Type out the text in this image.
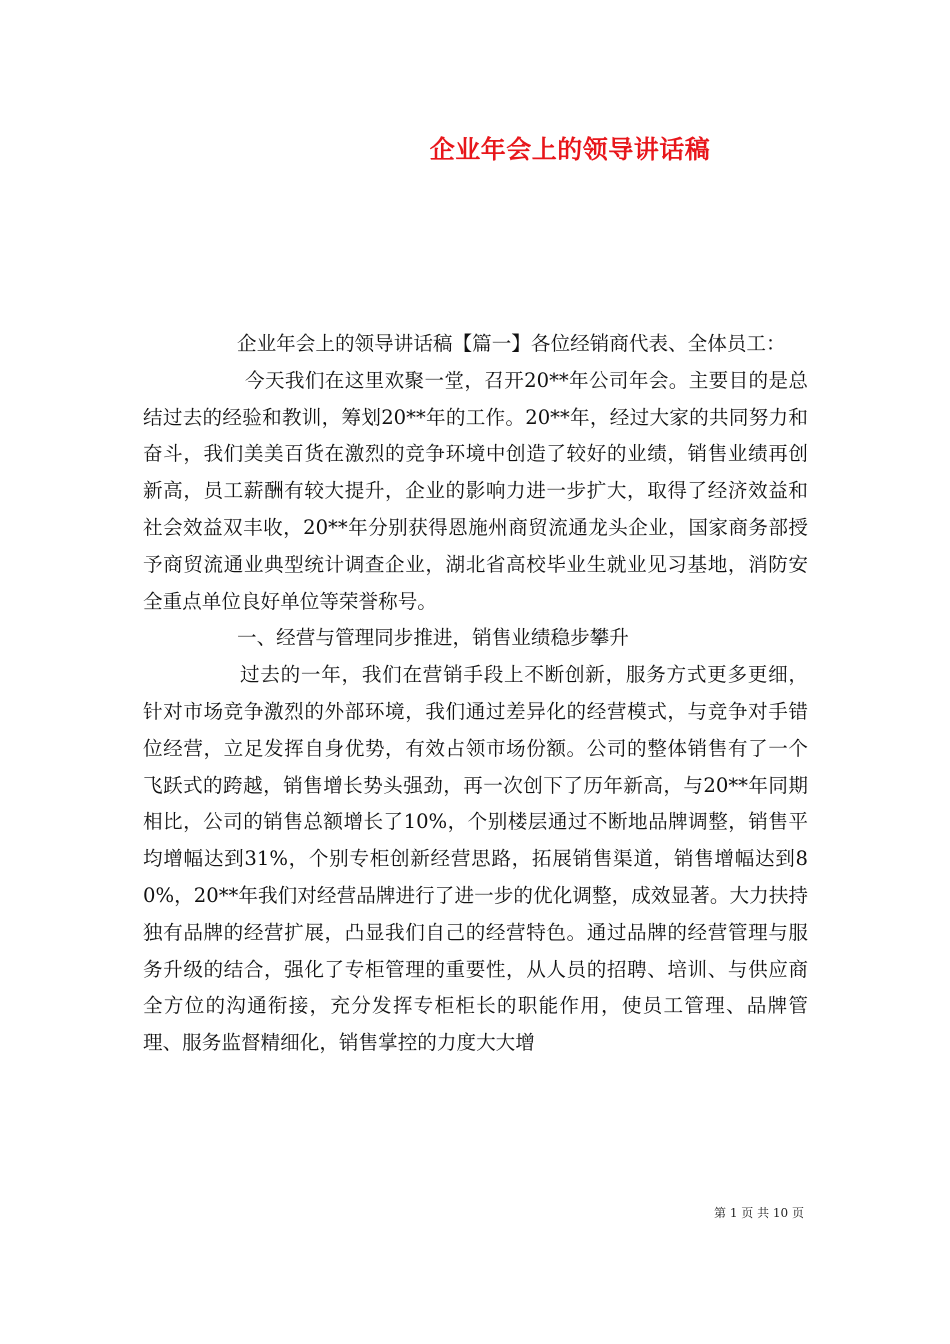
企业年会上的领导讲话稿

企业年会上的领导讲话稿【篇一】各位经销商代表、全体员工：

今天我们在这里欢聚一堂，召开20**年公司年会。主要目的是总结过去的经验和教训，筹划20**年的工作。20**年，经过大家的共同努力和奋斗，我们美美百货在激烈的竞争环境中创造了较好的业绩，销售业绩再创新高，员工薪酬有较大提升，企业的影响力进一步扩大，取得了经济效益和社会效益双丰收，20**年分别获得恩施州商贸流通龙头企业，国家商务部授予商贸流通业典型统计调查企业，湖北省高校毕业生就业见习基地，消防安全重点单位良好单位等荣誉称号。

一、经营与管理同步推进，销售业绩稳步攀升

过去的一年，我们在营销手段上不断创新，服务方式更多更细，针对市场竞争激烈的外部环境，我们通过差异化的经营模式，与竞争对手错位经营，立足发挥自身优势，有效占领市场份额。公司的整体销售有了一个飞跃式的跨越，销售增长势头强劲，再一次创下了历年新高，与20**年同期相比，公司的销售总额增长了10%，个别楼层通过不断地品牌调整，销售平均增幅达到31%，个别专柜创新经营思路，拓展销售渠道，销售增幅达到80%，20**年我们对经营品牌进行了进一步的优化调整，成效显著。大力扶持独有品牌的经营扩展，凸显我们自己的经营特色。通过品牌的经营管理与服务升级的结合，强化了专柜管理的重要性，从人员的招聘、培训、与供应商全方位的沟通衔接，充分发挥专柜柜长的职能作用，使员工管理、品牌管理、服务监督精细化，销售掌控的力度大大增

第 1 页 共 10 页
